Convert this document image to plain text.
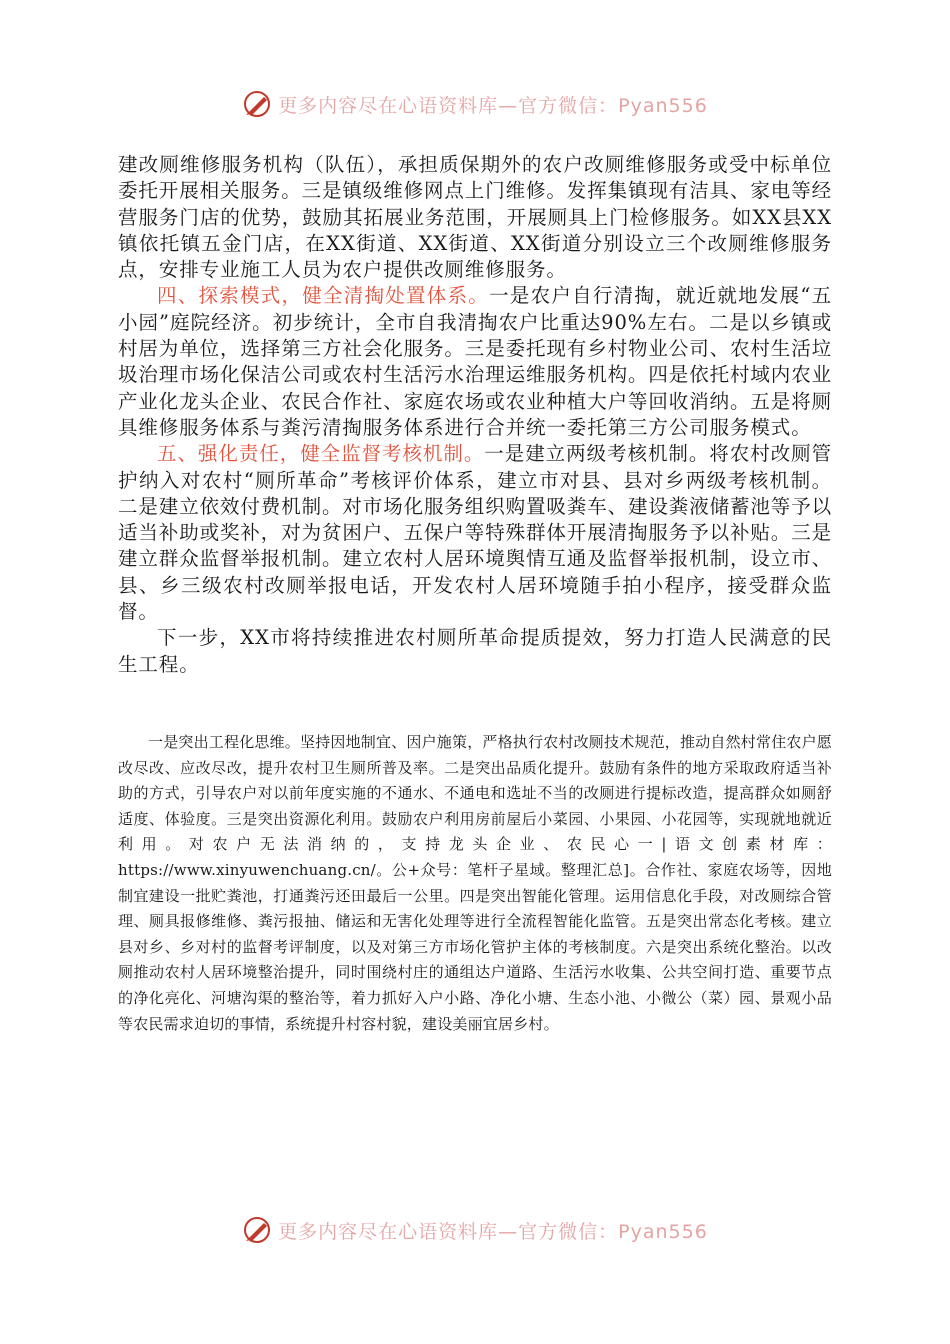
更多内容尽在心语资料库—官方微信：Pyan556

建改厕维修服务机构（队伍），承担质保期外的农户改厕维修服务或受中标单位委托开展相关服务。三是镇级维修网点上门维修。发挥集镇现有洁具、家电等经营服务门店的优势，鼓励其拓展业务范围，开展厕具上门检修服务。如XX县XX镇依托镇五金门店，在XX街道、XX街道、XX街道分别设立三个改厕维修服务点，安排专业施工人员为农户提供改厕维修服务。

四、探索模式，健全清掏处置体系。一是农户自行清掏，就近就地发展“五小园”庭院经济。初步统计，全市自我清掏农户比重达90%左右。二是以乡镇或村居为单位，选择第三方社会化服务。三是委托现有乡村物业公司、农村生活垃圾治理市场化保洁公司或农村生活污水治理运维服务机构。四是依托村域内农业产业化龙头企业、农民合作社、家庭农场或农业种植大户等回收消纳。五是将厕具维修服务体系与粪污清掏服务体系进行合并统一委托第三方公司服务模式。

五、强化责任，健全监督考核机制。一是建立两级考核机制。将农村改厕管护纳入对农村“厕所革命”考核评价体系，建立市对县、县对乡两级考核机制。二是建立依效付费机制。对市场化服务组织购置吸粪车、建设粪液储蓄池等予以适当补助或奖补，对为贫困户、五保户等特殊群体开展清掏服务予以补贴。三是建立群众监督举报机制。建立农村人居环境舆情互通及监督举报机制，设立市、县、乡三级农村改厕举报电话，开发农村人居环境随手拍小程序，接受群众监督。

下一步，XX市将持续推进农村厕所革命提质提效，努力打造人民满意的民生工程。

一是突出工程化思维。坚持因地制宜、因户施策，严格执行农村改厕技术规范，推动自然村常住农户愿改尽改、应改尽改，提升农村卫生厕所普及率。二是突出品质化提升。鼓励有条件的地方采取政府适当补助的方式，引导农户对以前年度实施的不通水、不通电和选址不当的改厕进行提标改造，提高群众如厕舒适度、体验度。三是突出资源化利用。鼓励农户利用房前屋后小菜园、小果园、小花园等，实现就地就近利用。对农户无法消纳的，支持龙头企业、农民心一|语文创素材库：https://www.xinyuwenchuang.cn/。公+众号：笔杆子星域。整理汇总]。合作社、家庭农场等，因地制宜建设一批贮粪池，打通粪污还田最后一公里。四是突出智能化管理。运用信息化手段，对改厕综合管理、厕具报修维修、粪污报抽、储运和无害化处理等进行全流程智能化监管。五是突出常态化考核。建立县对乡、乡对村的监督考评制度，以及对第三方市场化管护主体的考核制度。六是突出系统化整治。以改厕推动农村人居环境整治提升，同时围绕村庄的通组达户道路、生活污水收集、公共空间打造、重要节点的净化亮化、河塘沟渠的整治等，着力抓好入户小路、净化小塘、生态小池、小微公（菜）园、景观小品等农民需求迫切的事情，系统提升村容村貌，建设美丽宜居乡村。

更多内容尽在心语资料库—官方微信：Pyan556
